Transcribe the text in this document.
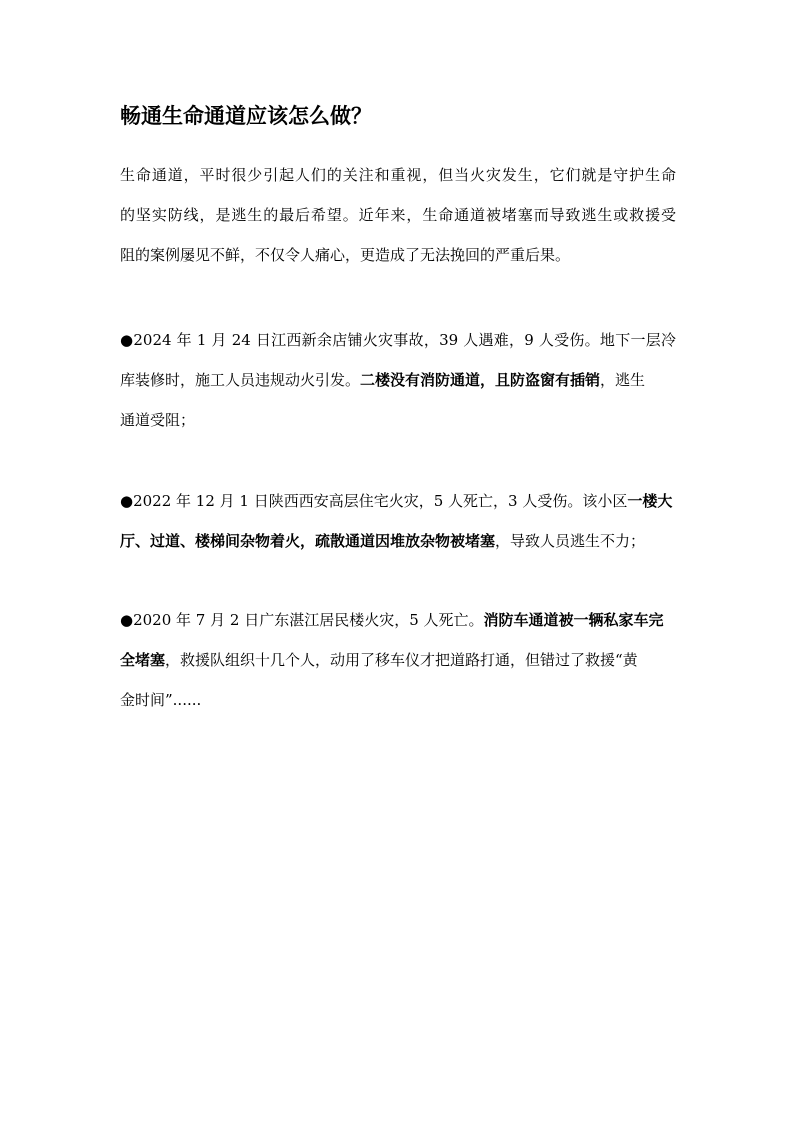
畅通生命通道应该怎么做？
生命通道，平时很少引起人们的关注和重视，但当火灾发生，它们就是守护生命
的坚实防线，是逃生的最后希望。近年来，生命通道被堵塞而导致逃生或救援受
阻的案例屡见不鲜，不仅令人痛心，更造成了无法挽回的严重后果。
●2024 年 1 月 24 日江西新余店铺火灾事故，39 人遇难，9 人受伤。地下一层冷
库装修时，施工人员违规动火引发。二楼没有消防通道，且防盗窗有插销，逃生
通道受阻；
●2022 年 12 月 1 日陕西西安高层住宅火灾，5 人死亡，3 人受伤。该小区一楼大
厅、过道、楼梯间杂物着火，疏散通道因堆放杂物被堵塞，导致人员逃生不力；
●2020 年 7 月 2 日广东湛江居民楼火灾，5 人死亡。消防车通道被一辆私家车完
全堵塞，救援队组织十几个人，动用了移车仪才把道路打通，但错过了救援“黄
金时间”......
